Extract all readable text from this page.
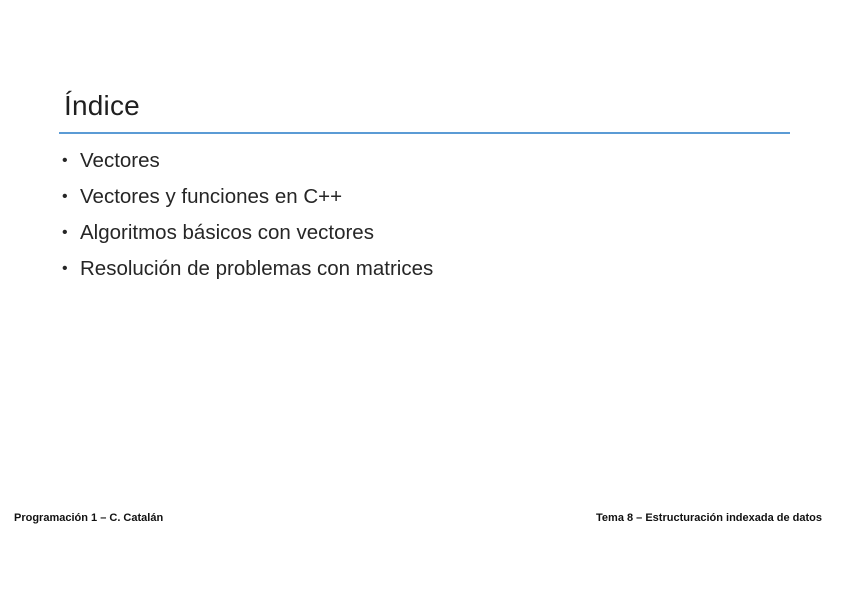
Índice
• Vectores
• Vectores y funciones en C++
• Algoritmos básicos con vectores
• Resolución de problemas con matrices
Programación 1 – C. Catalán	Tema 8 – Estructuración indexada de datos
